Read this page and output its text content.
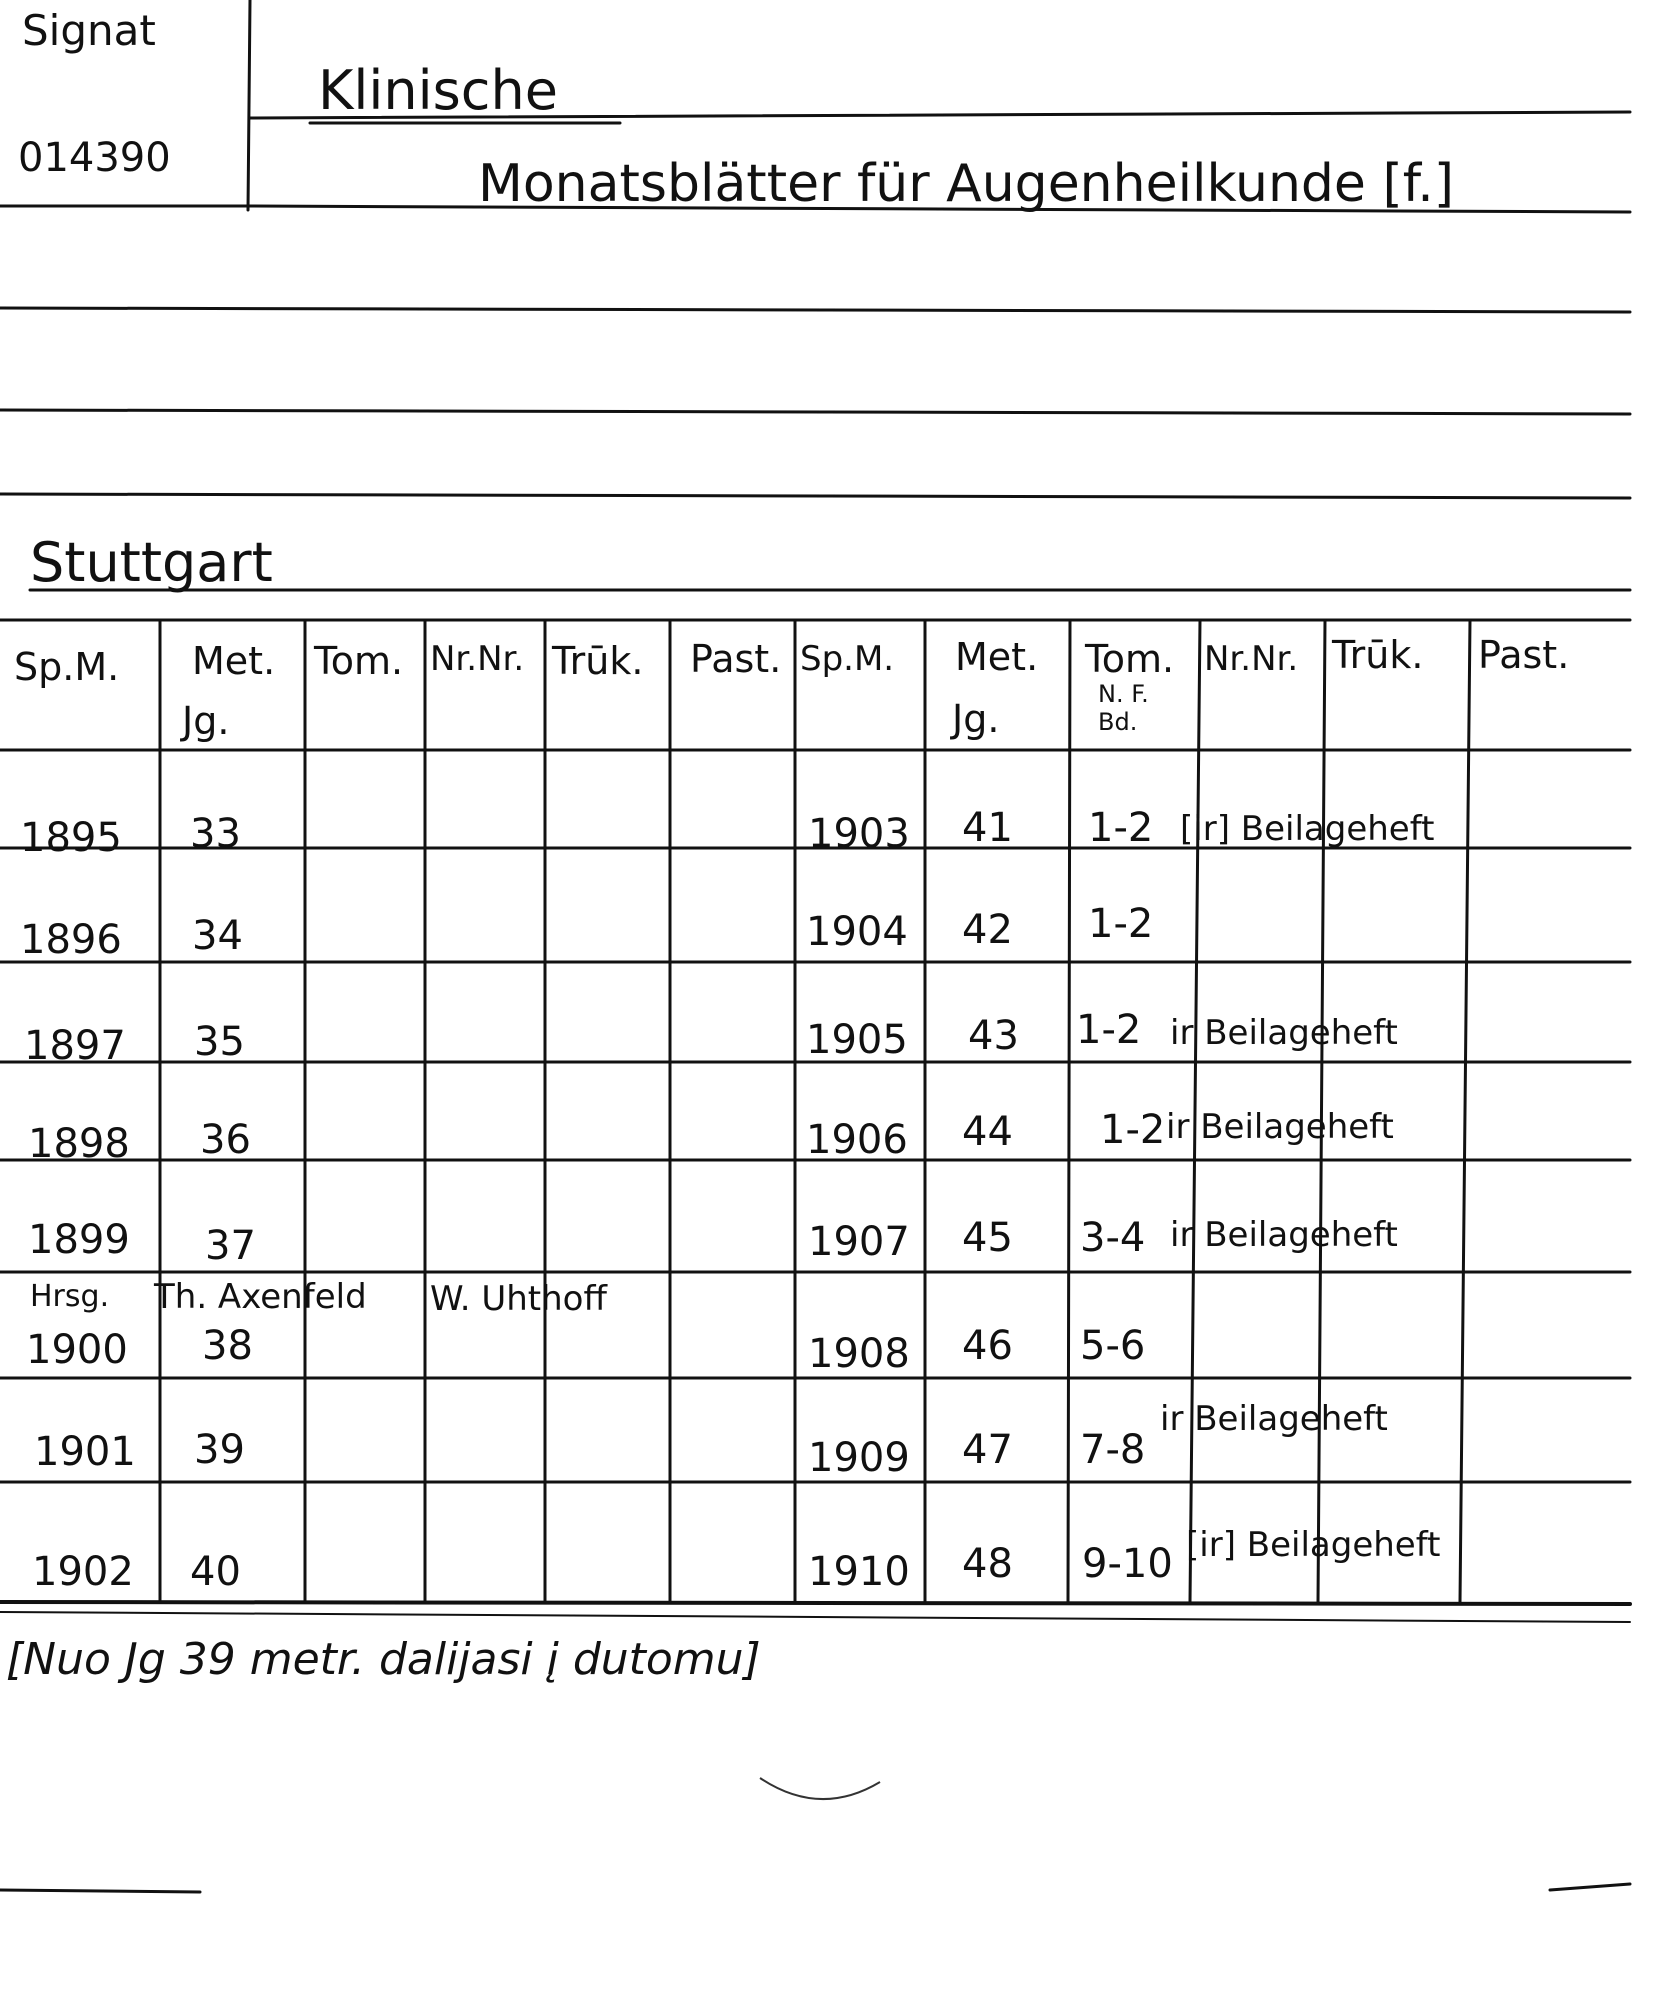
Signat
014390
Klinische
Monatsblätter für Augenheilkunde [f.]
Stuttgart
Sp.M. Met.
Jg.
Tom. Nr.Nr. Trūk. Past. Sp.M. Met.
Jg.
Tom.
N. F.
Bd.
Nr.Nr. Trūk. Past.
1895 33
1896 34
1897 35
1898 36
1899 37
Hrsg. Th. Axenfeld W. Uhthoff
1900 38
1901 39
1902 40
1903 41 1-2 [ir] Beilageheft
1904 42 1-2
1905 43 1-2 ir Beilageheft
1906 44 1-2 ir Beilageheft
1907 45 3-4 ir Beilageheft
1908 46 5-6
1909 47 7-8
ir Beilageheft
1910 48 9-10 [ir] Beilageheft
[Nuo Jg 39 metr. dalijasi į dutomu]
